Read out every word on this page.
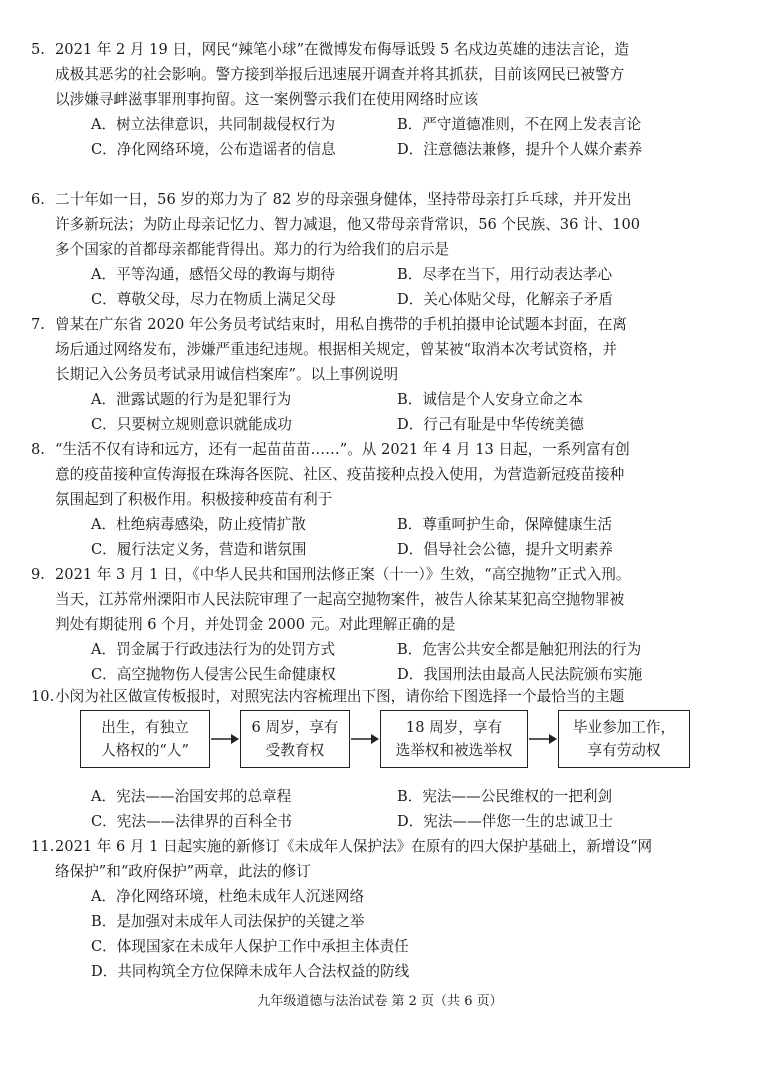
5. 2021 年 2 月 19 日，网民“辣笔小球”在微博发布侮辱诋毁 5 名戍边英雄的违法言论，造
成极其恶劣的社会影响。警方接到举报后迅速展开调查并将其抓获，目前该网民已被警方
以涉嫌寻衅滋事罪刑事拘留。这一案例警示我们在使用网络时应该
A．树立法律意识，共同制裁侵权行为	B．严守道德准则，不在网上发表言论
C．净化网络环境，公布造谣者的信息	D．注意德法兼修，提升个人媒介素养
6. 二十年如一日，56 岁的郑力为了 82 岁的母亲强身健体，坚持带母亲打乒乓球，并开发出
许多新玩法；为防止母亲记忆力、智力减退，他又带母亲背常识，56 个民族、36 计、100
多个国家的首都母亲都能背得出。郑力的行为给我们的启示是
A．平等沟通，感悟父母的教诲与期待	B．尽孝在当下，用行动表达孝心
C．尊敬父母，尽力在物质上满足父母	D．关心体贴父母，化解亲子矛盾
7. 曾某在广东省 2020 年公务员考试结束时，用私自携带的手机拍摄申论试题本封面，在离
场后通过网络发布，涉嫌严重违纪违规。根据相关规定，曾某被“取消本次考试资格，并
长期记入公务员考试录用诚信档案库”。以上事例说明
A．泄露试题的行为是犯罪行为	B．诚信是个人安身立命之本
C．只要树立规则意识就能成功	D．行己有耻是中华传统美德
8. “生活不仅有诗和远方，还有一起苗苗苗……”。从 2021 年 4 月 13 日起，一系列富有创
意的疫苗接种宣传海报在珠海各医院、社区、疫苗接种点投入使用，为营造新冠疫苗接种
氛围起到了积极作用。积极接种疫苗有利于
A．杜绝病毒感染，防止疫情扩散	B．尊重呵护生命，保障健康生活
C．履行法定义务，营造和谐氛围	D．倡导社会公德，提升文明素养
9. 2021 年 3 月 1 日，《中华人民共和国刑法修正案（十一）》生效，“高空抛物”正式入刑。
当天，江苏常州溧阳市人民法院审理了一起高空抛物案件，被告人徐某某犯高空抛物罪被
判处有期徒刑 6 个月，并处罚金 2000 元。对此理解正确的是
A．罚金属于行政违法行为的处罚方式	B．危害公共安全都是触犯刑法的行为
C．高空抛物伤人侵害公民生命健康权	D．我国刑法由最高人民法院颁布实施
10.小闵为社区做宣传板报时，对照宪法内容梳理出下图，请你给下图选择一个最恰当的主题
出生，有独立
人格权的“人”
6 周岁，享有
受教育权
18 周岁，享有
选举权和被选举权
毕业参加工作，
享有劳动权
A．宪法——治国安邦的总章程	B．宪法——公民维权的一把利剑
C．宪法——法律界的百科全书	D．宪法——伴您一生的忠诚卫士
11.2021 年 6 月 1 日起实施的新修订《未成年人保护法》在原有的四大保护基础上，新增设“网
络保护”和“政府保护”两章，此法的修订
A．净化网络环境，杜绝未成年人沉迷网络
B．是加强对未成年人司法保护的关键之举
C．体现国家在未成年人保护工作中承担主体责任
D．共同构筑全方位保障未成年人合法权益的防线
九年级道德与法治试卷 第 2 页（共 6 页）
